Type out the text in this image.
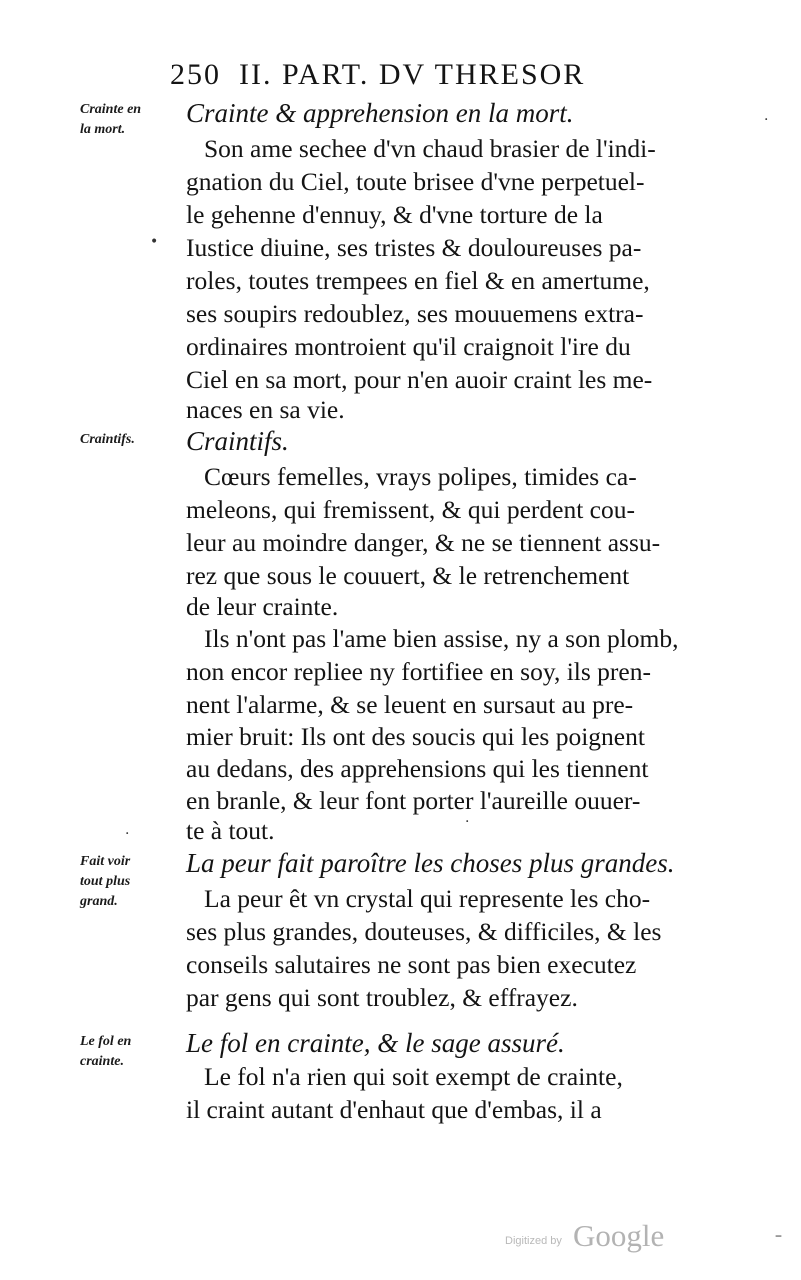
250 II. PART. DV THRESOR
Crainte en
la mort.
Craintifs.
Fait voir
tout plus
grand.
Le fol en
crainte.
Crainte & apprehension en la mort.
Craintifs.
La peur fait paroître les choses plus grandes.
Le fol en crainte, & le sage assuré.
Son ame sechee d'vn chaud brasier de l'indi-
gnation du Ciel, toute brisee d'vne perpetuel-
le gehenne d'ennuy, & d'vne torture de la
Iustice diuine, ses tristes & douloureuses pa-
roles, toutes trempees en fiel & en amertume,
ses soupirs redoublez, ses mouuemens extra-
ordinaires montroient qu'il craignoit l'ire du
Ciel en sa mort, pour n'en auoir craint les me-
naces en sa vie.
Cœurs femelles, vrays polipes, timides ca-
meleons, qui fremissent, & qui perdent cou-
leur au moindre danger, & ne se tiennent assu-
rez que sous le couuert, & le retrenchement
de leur crainte.
Ils n'ont pas l'ame bien assise, ny a son plomb,
non encor repliee ny fortifiee en soy, ils pren-
nent l'alarme, & se leuent en sursaut au pre-
mier bruit: Ils ont des soucis qui les poignent
au dedans, des apprehensions qui les tiennent
en branle, & leur font porter l'aureille ouuer-
te à tout.
La peur êt vn crystal qui represente les cho-
ses plus grandes, douteuses, & difficiles, & les
conseils salutaires ne sont pas bien executez
par gens qui sont troublez, & effrayez.
Le fol n'a rien qui soit exempt de crainte,
il craint autant d'enhaut que d'embas, il a
•
·
·
·
–
Digitized by Google
